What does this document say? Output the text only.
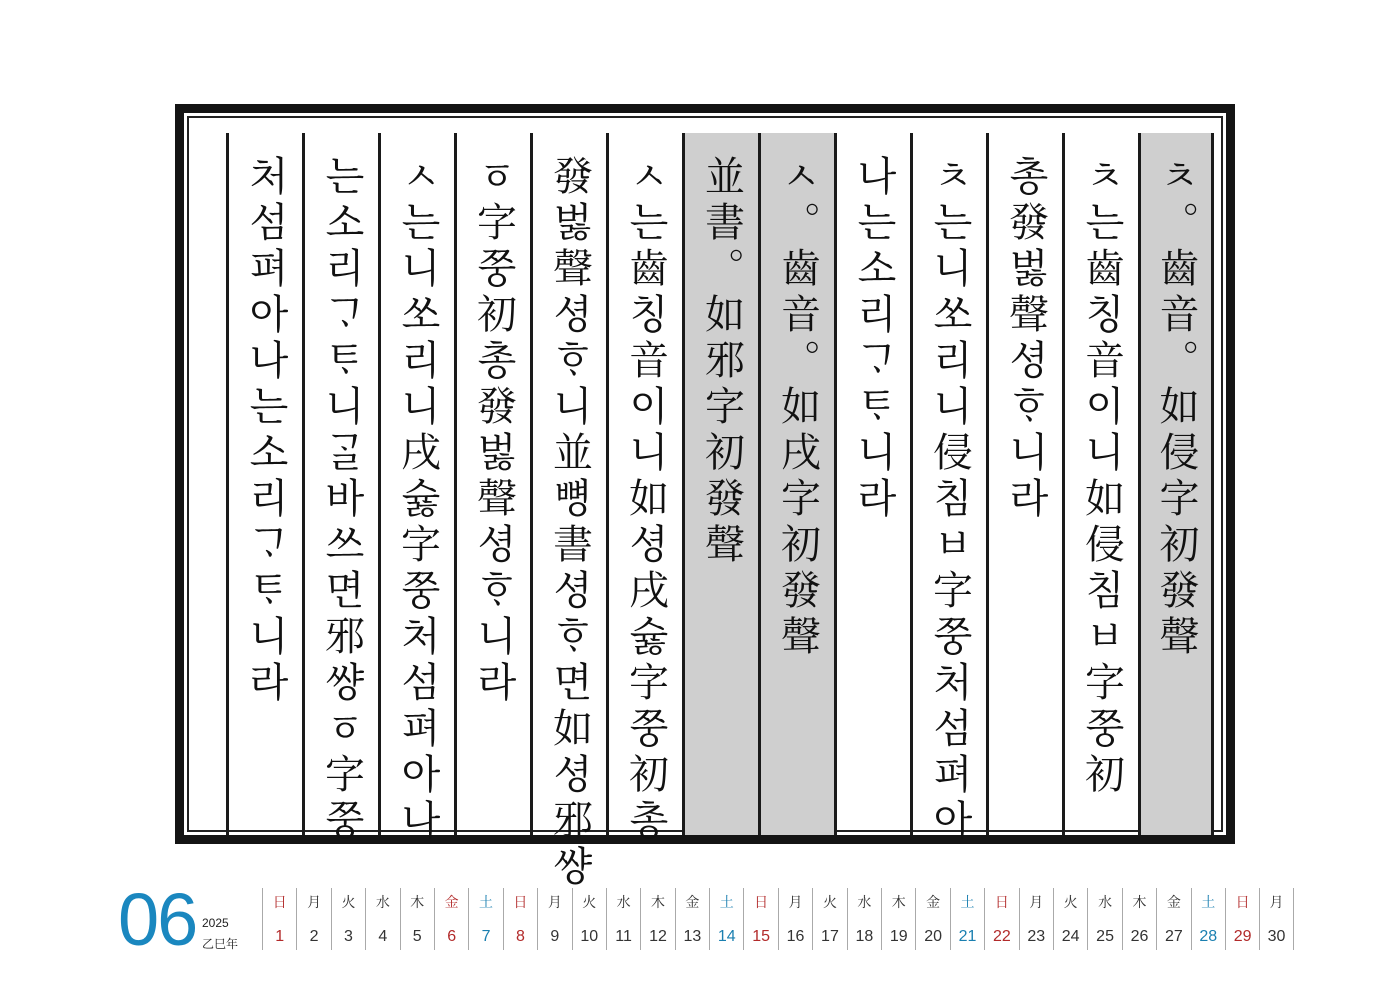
ㅊ。齒音。如侵字初發聲
ㅊ는齒칭音이니如侵침ㅂ字쭝初
총發벓聲셩ᄒᆞ니라
ㅊ는니쏘리니侵침ㅂ字쭝처섬펴아
나는소리ᄀᆞᄐᆞ니라
ㅅ。齒音。如戌字初發聲
並書。如邪字初發聲
ㅅ는齒칭音이니如셩戌슗字쭝初총
發벓聲셩ᄒᆞ니並뼝書셩ᄒᆞ면如셩邪썅
ㆆ字쭝初총發벓聲셩ᄒᆞ니라
ㅅ는니쏘리니戌슗字쭝처섬펴아나
는소리ᄀᆞᄐᆞ니ᄀᆞᆯ바쓰면邪썅ㆆ字쭝
처섬펴아나는소리ᄀᆞᄐᆞ니라
06 2025
乙巳年
日
1
月
2
火
3
水
4
木
5
金
6
土
7
日
8
月
9
火
10
水
11
木
12
金
13
土
14
日
15
月
16
火
17
水
18
木
19
金
20
土
21
日
22
月
23
火
24
水
25
木
26
金
27
土
28
日
29
月
30
